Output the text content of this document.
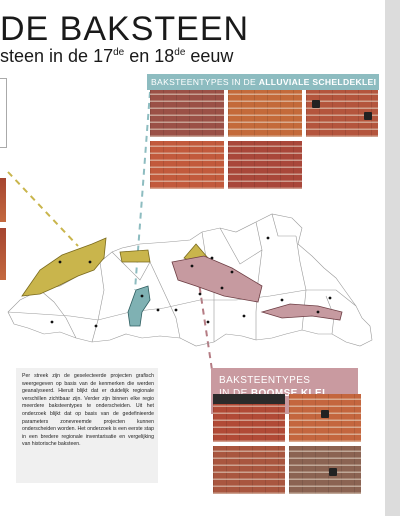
DE BAKSTEEN
steen in de 17de en 18de eeuw
BAKSTEENTYPES IN DE ALLUVIALE SCHELDEKLEI
BAKSTEENTYPES
Per streek zijn de geselecteerde projecten grafisch weergegeven op basis van de kenmerken die werden geanalyseerd. Hieruit blijkt dat er duidelijk regionale verschillen zichtbaar zijn. Verder zijn binnen elke regio meerdere baksteentypes te onderscheiden. Uit het onderzoek blijkt dat op basis van de gedefinieerde parameters zonevreemde projecten kunnen onderscheiden worden. Het onderzoek is een eerste stap in een bredere regionale inventarisatie en vergelijking van historische baksteen.
